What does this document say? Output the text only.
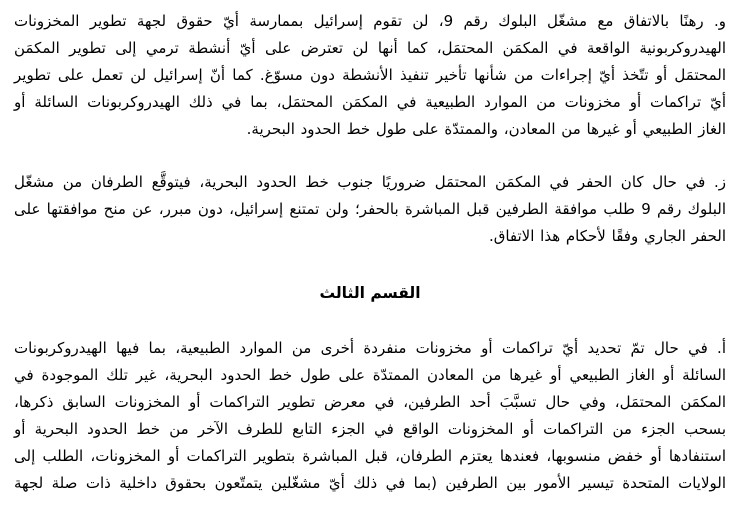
و. رهنًا بالاتفاق مع مشغّل البلوك رقم 9، لن تقوم إسرائيل بممارسة أيّ حقوق لجهة تطوير المخزونات
الهيدروكربونية الواقعة في المكمَن المحتمَل، كما أنها لن تعترض على أيّ أنشطة ترمي إلى تطوير المكمَن
المحتمَل أو تتّخذ أيّ إجراءات من شأنها تأخير تنفيذ الأنشطة دون مسوّغ. كما أنّ إسرائيل لن تعمل على تطوير
أيّ تراكمات أو مخزونات من الموارد الطبيعية في المكمَن المحتمَل، بما في ذلك الهيدروكربونات السائلة أو
الغاز الطبيعي أو غيرها من المعادن، والممتدّة على طول خط الحدود البحرية.
ز. في حال كان الحفر في المكمَن المحتمَل ضروريًا جنوب خط الحدود البحرية، فيتوقَّع الطرفان من مشغّل
البلوك رقم 9 طلب موافقة الطرفين قبل المباشرة بالحفر؛ ولن تمتنع إسرائيل، دون مبرر، عن منح موافقتها على
الحفر الجاري وفقًا لأحكام هذا الاتفاق.
القسم الثالث
أ. في حال تمّ تحديد أيّ تراكمات أو مخزونات منفردة أخرى من الموارد الطبيعية، بما فيها الهيدروكربونات
السائلة أو الغاز الطبيعي أو غيرها من المعادن الممتدّة على طول خط الحدود البحرية، غير تلك الموجودة في
المكمَن المحتمَل، وفي حال تسبَّبَ أحد الطرفين، في معرض تطوير التراكمات أو المخزونات السابق ذكرها،
بسحب الجزء من التراكمات أو المخزونات الواقع في الجزء التابع للطرف الآخر من خط الحدود البحرية أو
استنفادها أو خفض منسوبها، فعندها يعتزم الطرفان، قبل المباشرة بتطوير التراكمات أو المخزونات، الطلب إلى
الولايات المتحدة تيسير الأمور بين الطرفين (بما في ذلك أيّ مشغّلين يتمتّعون بحقوق داخلية ذات صلة لجهة
